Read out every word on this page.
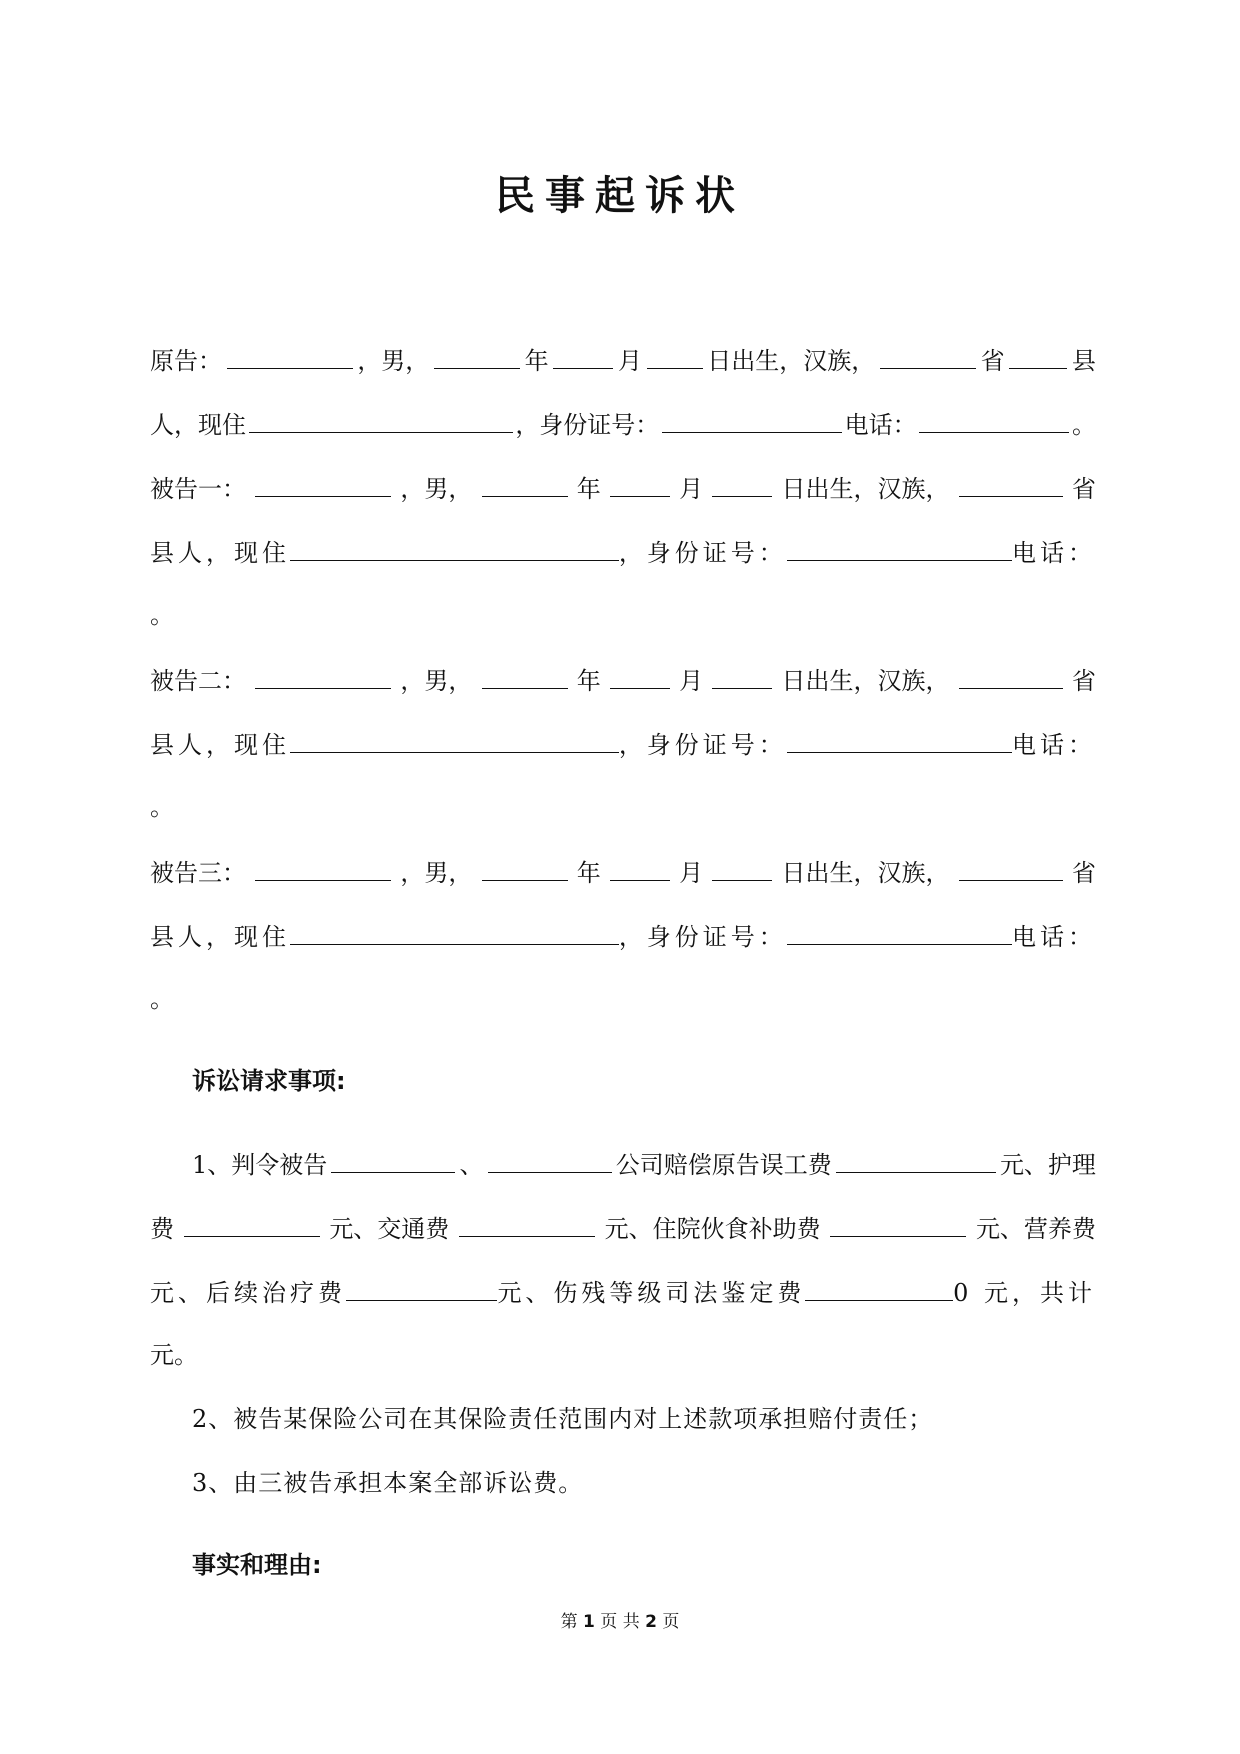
民事起诉状
原告：	，男，	年	月	日出生，汉族，	省	县
人，现住	，身份证号：	电话：	。
被告一：	，男，	年	月	日出生，汉族，	省
县人，现住	，身份证号：	电话：
。
被告二：	，男，	年	月	日出生，汉族，	省
县人，现住	，身份证号：	电话：
。
被告三：	，男，	年	月	日出生，汉族，	省
县人，现住	，身份证号：	电话：
。
诉讼请求事项:
1、判令被告	、	公司赔偿原告误工费	元、护理
费	元、交通费	元、住院伙食补助费	元、营养费
元、后续治疗费	元、伤残等级司法鉴定费	0 元，共计
元。
2、被告某保险公司在其保险责任范围内对上述款项承担赔付责任；
3、由三被告承担本案全部诉讼费。
事实和理由:
第 1 页 共 2 页
